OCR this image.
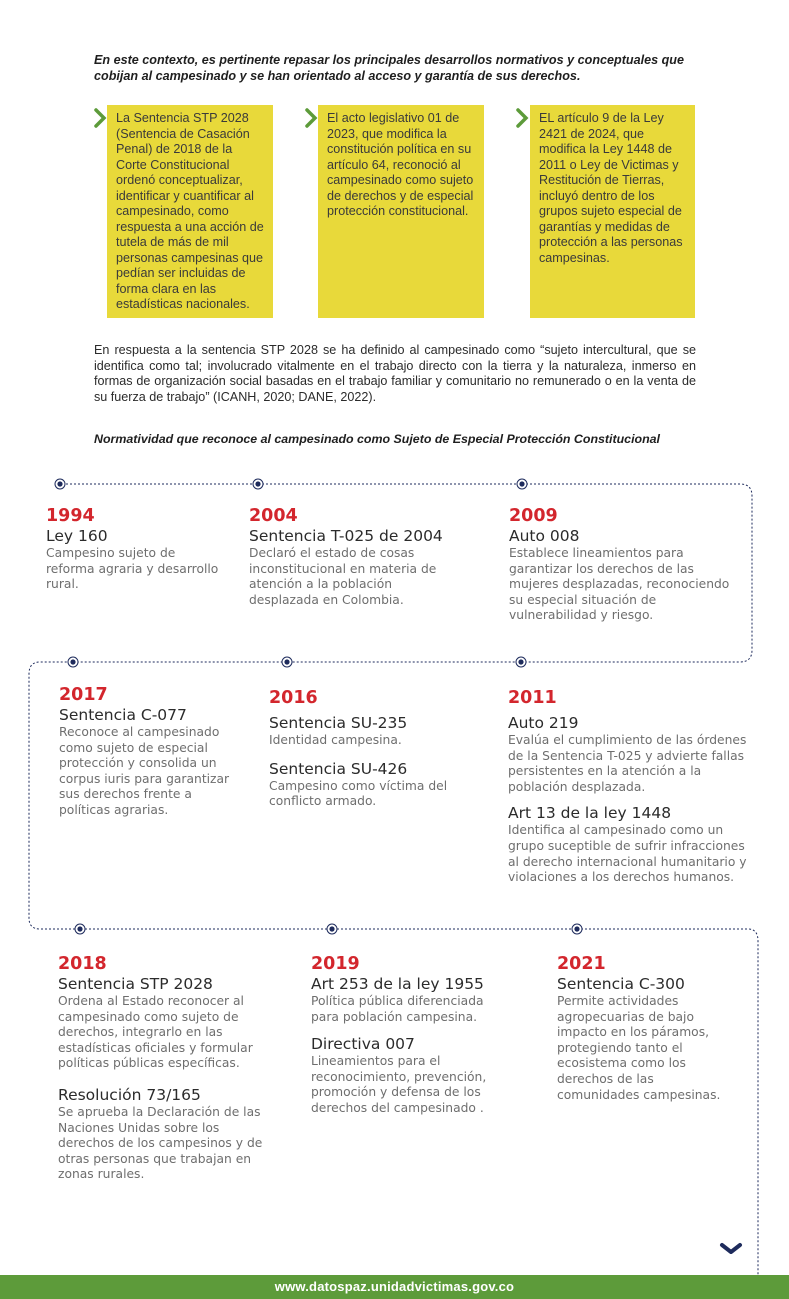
En este contexto, es pertinente repasar los principales desarrollos normativos y conceptuales que cobijan al campesinado y se han orientado al acceso y garantía de sus derechos.

La Sentencia STP 2028 (Sentencia de Casación Penal) de 2018 de la Corte Constitucional ordenó conceptualizar, identificar y cuantificar al campesinado, como respuesta a una acción de tutela de más de mil personas campesinas que pedían ser incluidas de forma clara en las estadísticas nacionales.

El acto legislativo 01 de 2023, que modifica la constitución política en su artículo 64, reconoció al campesinado como sujeto de derechos y de especial protección constitucional.

EL artículo 9 de la Ley 2421 de 2024, que modifica la Ley 1448 de 2011 o Ley de Victimas y Restitución de Tierras, incluyó dentro de los grupos sujeto especial de garantías y medidas de protección a las personas campesinas.

En respuesta a la sentencia STP 2028 se ha definido al campesinado como “sujeto intercultural, que se identifica como tal; involucrado vitalmente en el trabajo directo con la tierra y la naturaleza, inmerso en formas de organización social basadas en el trabajo familiar y comunitario no remunerado o en la venta de su fuerza de trabajo” (ICANH, 2020; DANE, 2022).

Normatividad que reconoce al campesinado como Sujeto de Especial Protección Constitucional

1994

Ley 160

Campesino sujeto de reforma agraria y desarrollo rural.

2004

Sentencia T-025 de 2004

Declaró el estado de cosas inconstitucional en materia de atención a la población desplazada en Colombia.

2009

Auto 008

Establece lineamientos para garantizar los derechos de las mujeres desplazadas, reconociendo su especial situación de vulnerabilidad y riesgo.

2017

Sentencia C-077

Reconoce al campesinado como sujeto de especial protección y consolida un corpus iuris para garantizar sus derechos frente a políticas agrarias.

2016

Sentencia SU-235

Identidad campesina.

Sentencia SU-426

Campesino como víctima del conflicto armado.

2011

Auto 219

Evalúa el cumplimiento de las órdenes de la Sentencia T-025 y advierte fallas persistentes en la atención a la población desplazada.

Art 13 de la ley 1448

Identifica al campesinado como un grupo suceptible de sufrir infracciones al derecho internacional humanitario y violaciones a los derechos humanos.

2018

Sentencia STP 2028

Ordena al Estado reconocer al campesinado como sujeto de derechos, integrarlo en las estadísticas oficiales y formular políticas públicas específicas.

Resolución 73/165

Se aprueba la Declaración de las Naciones Unidas sobre los derechos de los campesinos y de otras personas que trabajan en zonas rurales.

2019

Art 253 de la ley 1955

Política pública diferenciada para población campesina.

Directiva 007

Lineamientos para el reconocimiento, prevención, promoción y defensa de los derechos del campesinado .

2021

Sentencia C-300

Permite actividades agropecuarias de bajo impacto en los páramos, protegiendo tanto el ecosistema como los derechos de las comunidades campesinas.

www.datospaz.unidadvictimas.gov.co
